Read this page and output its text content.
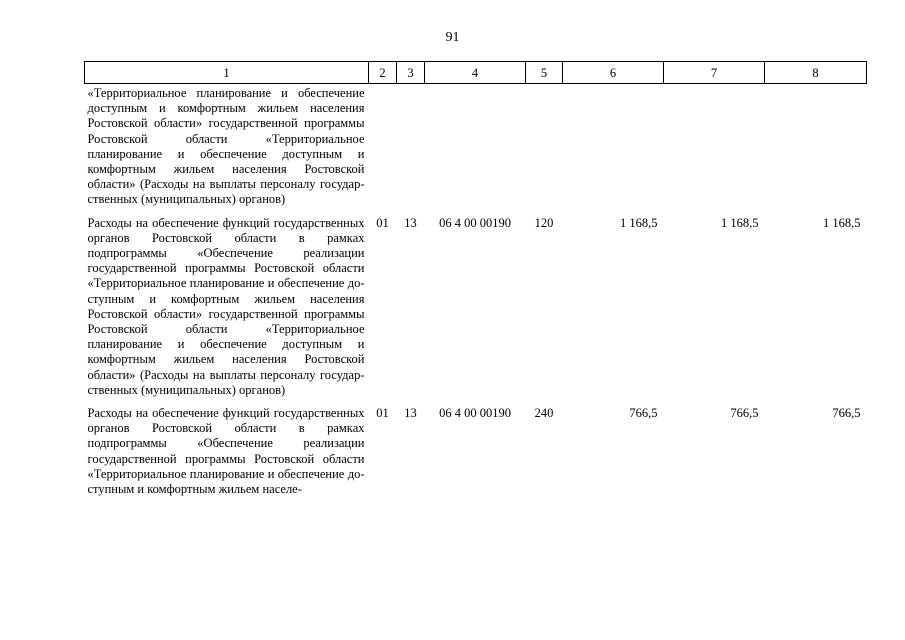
91
1	2	3	4	5	6	7	8
«Территориальное планирование и обеспечение доступным и комфортным жильем населения Ростовской области» государственной программы Ростовской области «Территориальное планирование и обеспечение доступным и комфортным жильем населения Ростовской области» (Расходы на выплаты персоналу государственных (муниципальных) органов)							
Расходы на обеспечение функций государственных органов Ростовской области в рамках подпрограммы «Обеспечение реализации государственной программы Ростовской области «Территориальное планирование и обеспечение доступным и комфортным жильем населения Ростовской области» государственной программы Ростовской области «Территориальное планирование и обеспечение доступным и комфортным жильем населения Ростовской области» (Расходы на выплаты персоналу государственных (муниципальных) органов)	01	13	06 4 00 00190	120	1 168,5	1 168,5	1 168,5
Расходы на обеспечение функций государственных органов Ростовской области в рамках подпрограммы «Обеспечение реализации государственной программы Ростовской области «Территориальное планирование и обеспечение доступным и комфортным жильем населе-	01	13	06 4 00 00190	240	766,5	766,5	766,5
